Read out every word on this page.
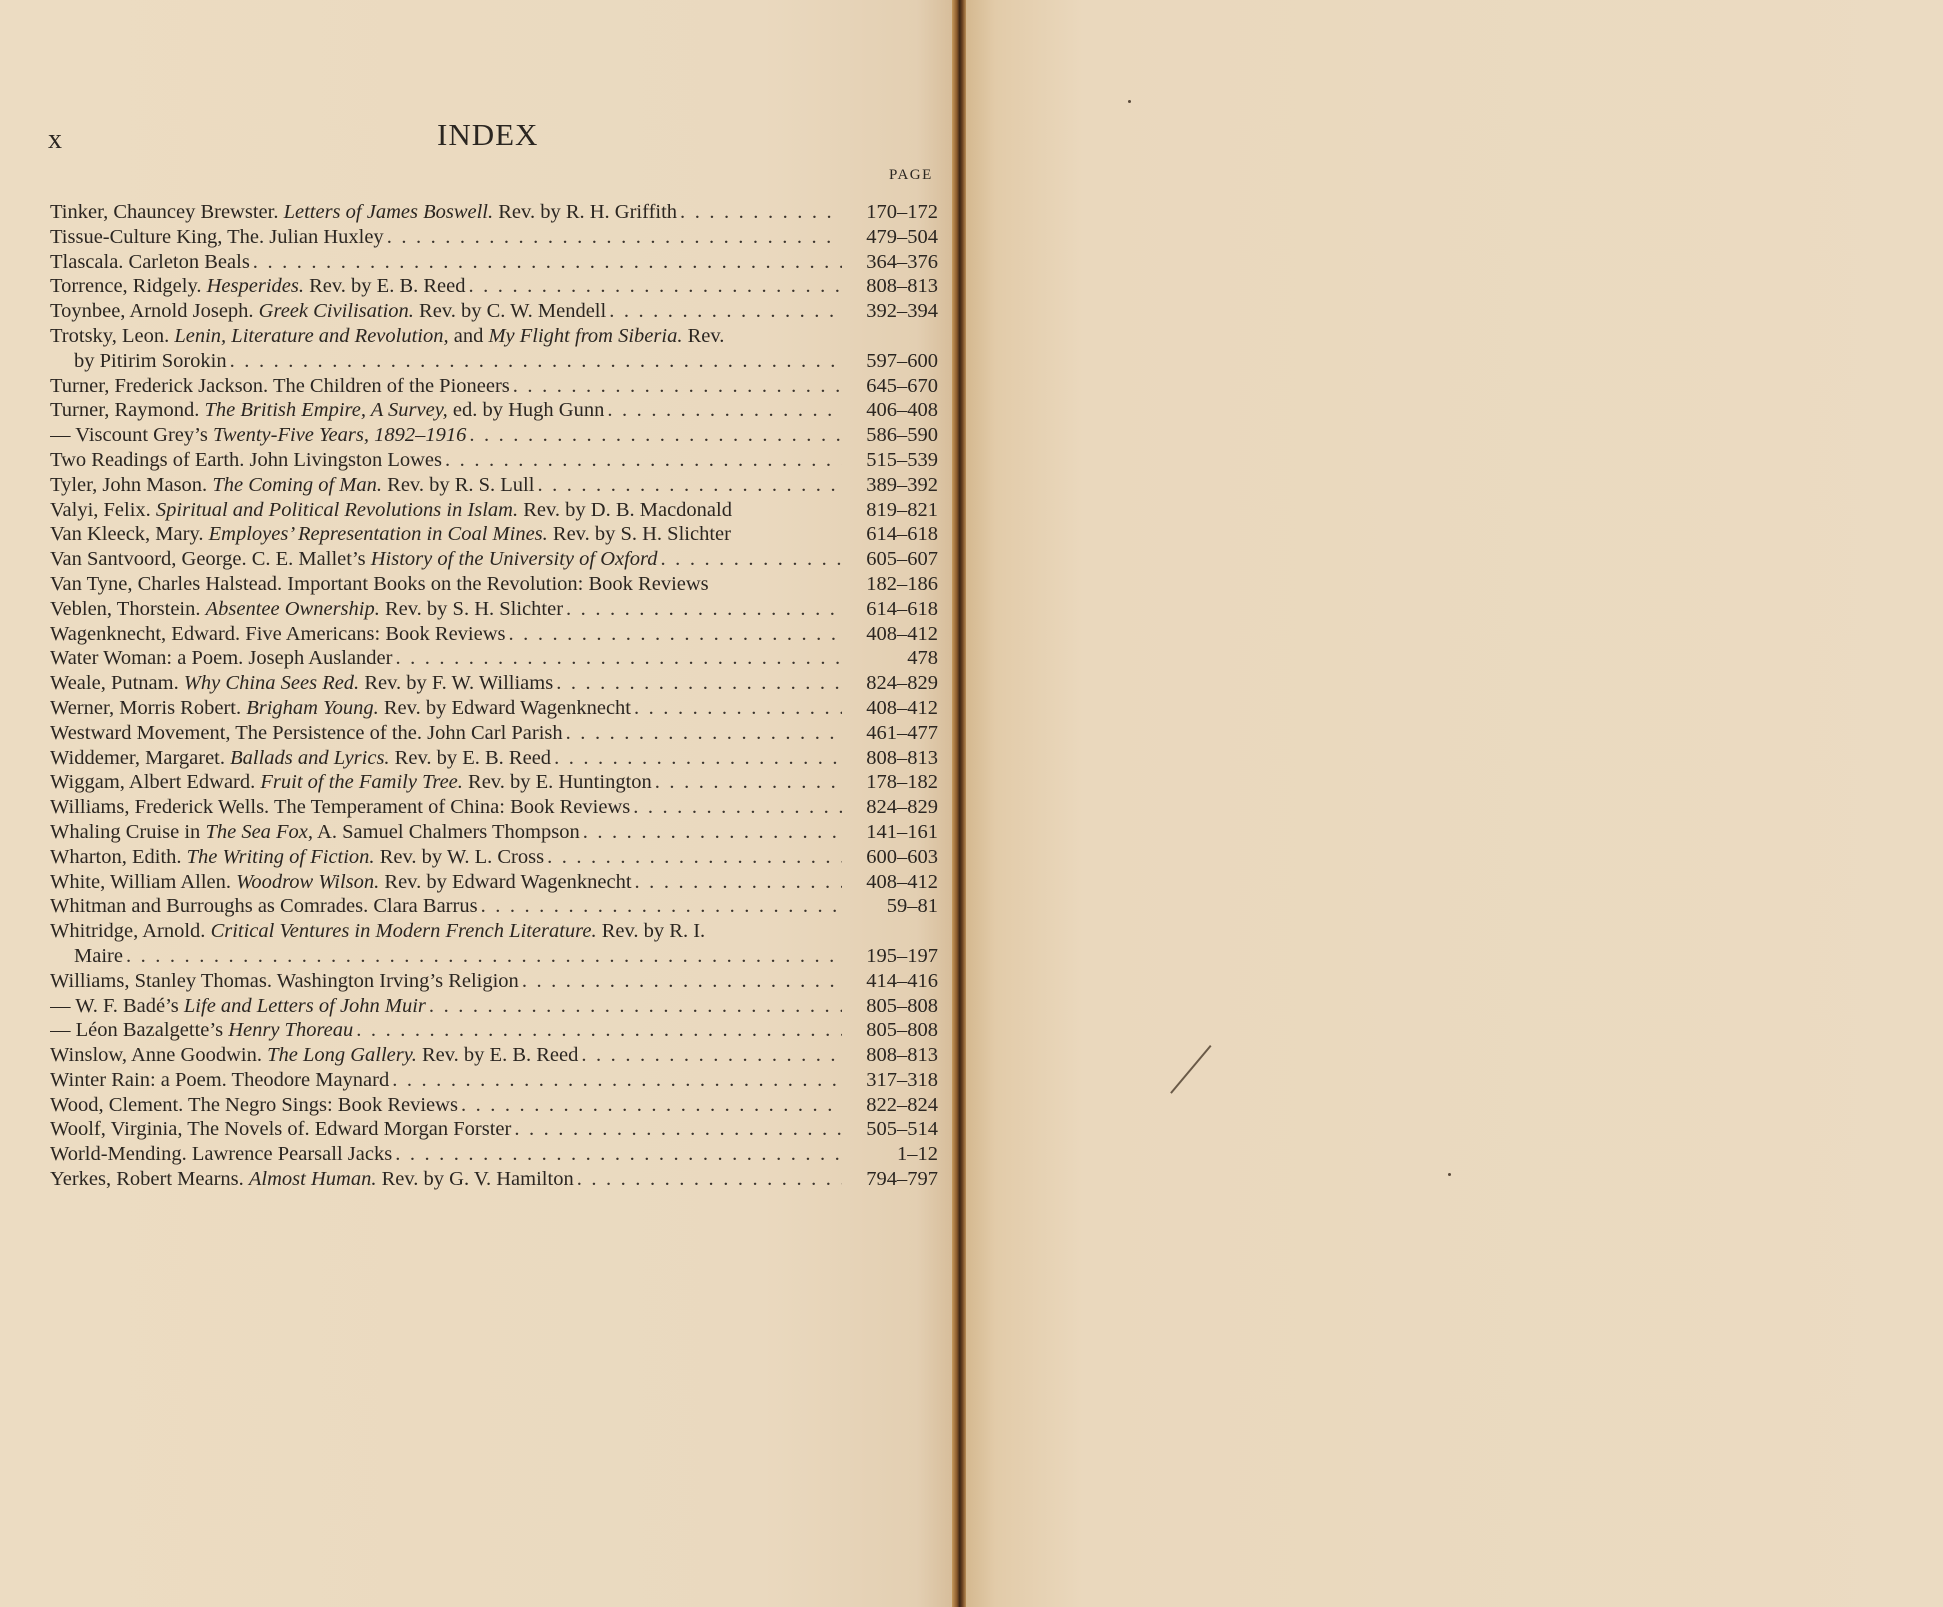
x	INDEX
PAGE
Tinker, Chauncey Brewster. Letters of James Boswell. Rev. by R. H. Griffith . . .	170–172
Tissue-Culture King, The. Julian Huxley . . .	479–504
Tlascala. Carleton Beals . . .	364–376
Torrence, Ridgely. Hesperides. Rev. by E. B. Reed . . .	808–813
Toynbee, Arnold Joseph. Greek Civilisation. Rev. by C. W. Mendell . . .	392–394
Trotsky, Leon. Lenin, Literature and Revolution, and My Flight from Siberia. Rev.
by Pitirim Sorokin . . .	597–600
Turner, Frederick Jackson. The Children of the Pioneers . . .	645–670
Turner, Raymond. The British Empire, A Survey, ed. by Hugh Gunn . . .	406–408
— Viscount Grey’s Twenty-Five Years, 1892–1916 . . .	586–590
Two Readings of Earth. John Livingston Lowes . . .	515–539
Tyler, John Mason. The Coming of Man. Rev. by R. S. Lull . . .	389–392
Valyi, Felix. Spiritual and Political Revolutions in Islam. Rev. by D. B. Macdonald	819–821
Van Kleeck, Mary. Employes’ Representation in Coal Mines. Rev. by S. H. Slichter	614–618
Van Santvoord, George. C. E. Mallet’s History of the University of Oxford . . .	605–607
Van Tyne, Charles Halstead. Important Books on the Revolution: Book Reviews	182–186
Veblen, Thorstein. Absentee Ownership. Rev. by S. H. Slichter . . .	614–618
Wagenknecht, Edward. Five Americans: Book Reviews . . .	408–412
Water Woman: a Poem. Joseph Auslander . . .	478
Weale, Putnam. Why China Sees Red. Rev. by F. W. Williams . . .	824–829
Werner, Morris Robert. Brigham Young. Rev. by Edward Wagenknecht . . .	408–412
Westward Movement, The Persistence of the. John Carl Parish . . .	461–477
Widdemer, Margaret. Ballads and Lyrics. Rev. by E. B. Reed . . .	808–813
Wiggam, Albert Edward. Fruit of the Family Tree. Rev. by E. Huntington . . .	178–182
Williams, Frederick Wells. The Temperament of China: Book Reviews . . .	824–829
Whaling Cruise in The Sea Fox, A. Samuel Chalmers Thompson . . .	141–161
Wharton, Edith. The Writing of Fiction. Rev. by W. L. Cross . . .	600–603
White, William Allen. Woodrow Wilson. Rev. by Edward Wagenknecht . . .	408–412
Whitman and Burroughs as Comrades. Clara Barrus . . .	59–81
Whitridge, Arnold. Critical Ventures in Modern French Literature. Rev. by R. I.
Maire . . .	195–197
Williams, Stanley Thomas. Washington Irving’s Religion . . .	414–416
— W. F. Badé’s Life and Letters of John Muir . . .	805–808
— Léon Bazalgette’s Henry Thoreau . . .	805–808
Winslow, Anne Goodwin. The Long Gallery. Rev. by E. B. Reed . . .	808–813
Winter Rain: a Poem. Theodore Maynard . . .	317–318
Wood, Clement. The Negro Sings: Book Reviews . . .	822–824
Woolf, Virginia, The Novels of. Edward Morgan Forster . . .	505–514
World-Mending. Lawrence Pearsall Jacks . . .	1–12
Yerkes, Robert Mearns. Almost Human. Rev. by G. V. Hamilton . . .	794–797
